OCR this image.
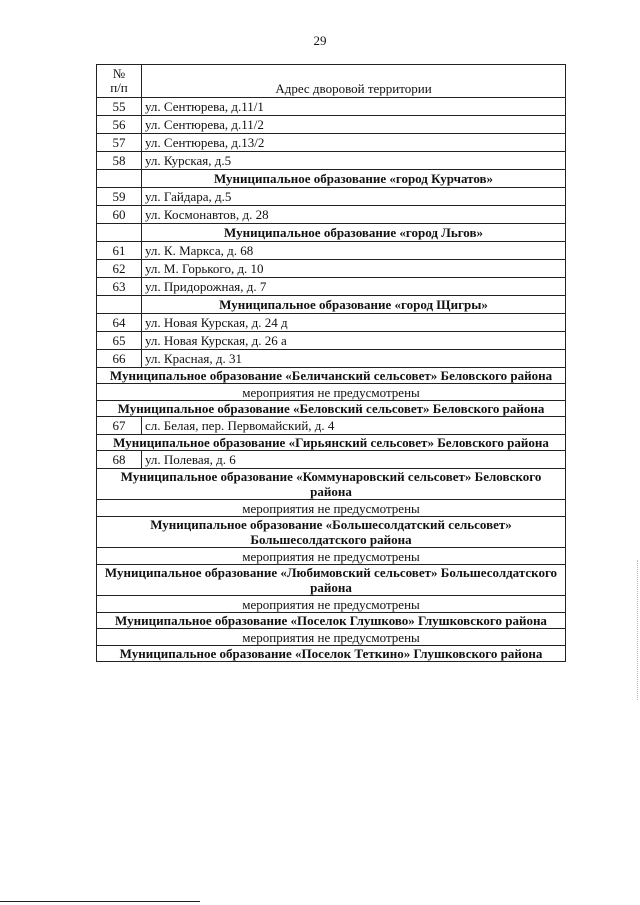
29
№
п/п	Адрес дворовой территории
55	ул. Сентюрева, д.11/1
56	ул. Сентюрева, д.11/2
57	ул. Сентюрева, д.13/2
58	ул. Курская, д.5
	Муниципальное образование «город Курчатов»
59	ул. Гайдара, д.5
60	ул. Космонавтов, д. 28
	Муниципальное образование «город Льгов»
61	ул. К. Маркса, д. 68
62	ул. М. Горького, д. 10
63	ул. Придорожная, д. 7
	Муниципальное образование «город Щигры»
64	ул. Новая Курская, д. 24 д
65	ул. Новая Курская, д. 26 а
66	ул. Красная, д. 31
Муниципальное образование «Беличанский сельсовет» Беловского района	
мероприятия не предусмотрены	
Муниципальное образование «Беловский сельсовет» Беловского района	
67	сл. Белая, пер. Первомайский, д. 4
Муниципальное образование «Гирьянский сельсовет» Беловского района	
68	ул. Полевая, д. 6
Муниципальное образование «Коммунаровский сельсовет» Беловского района	
мероприятия не предусмотрены	
Муниципальное образование «Большесолдатский сельсовет» Большесолдатского района	
мероприятия не предусмотрены	
Муниципальное образование «Любимовский сельсовет» Большесолдатского района	
мероприятия не предусмотрены	
Муниципальное образование «Поселок Глушково» Глушковского района	
мероприятия не предусмотрены	
Муниципальное образование «Поселок Теткино» Глушковского района	
